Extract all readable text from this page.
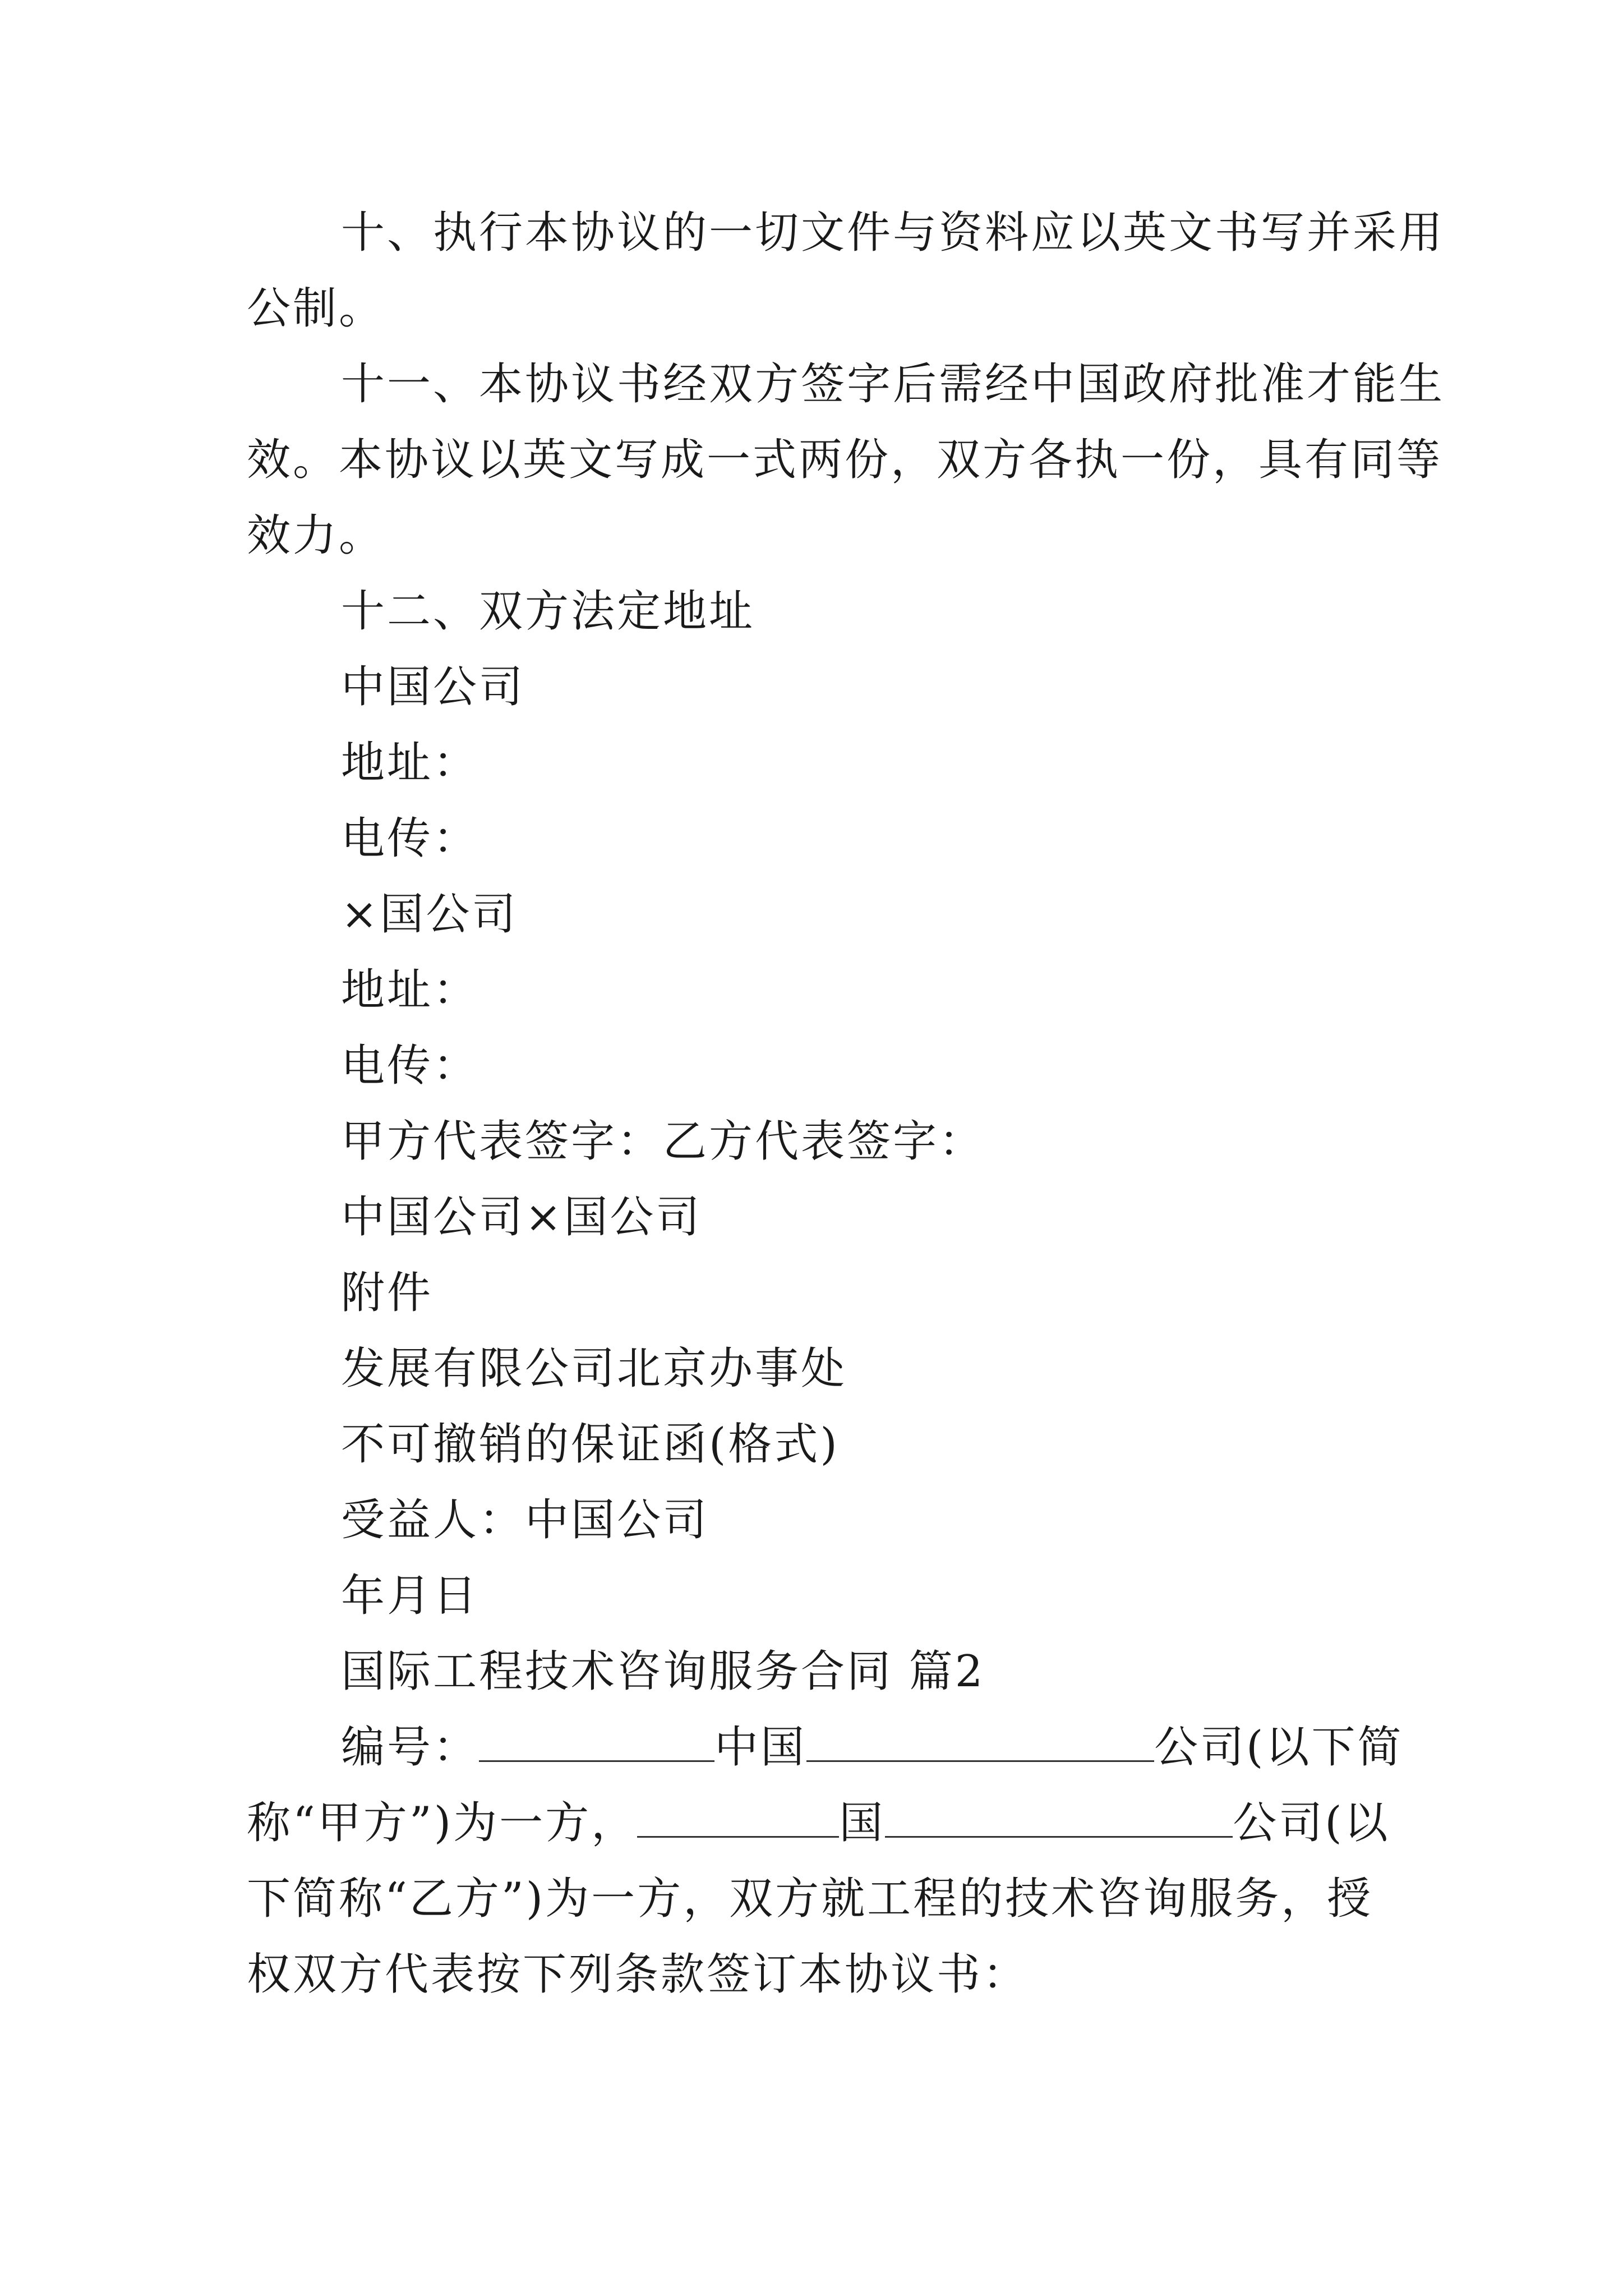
十、执行本协议的一切文件与资料应以英文书写并采用
公制。
十一、本协议书经双方签字后需经中国政府批准才能生
效。本协议以英文写成一式两份，双方各执一份，具有同等
效力。
十二、双方法定地址
中国公司
地址：
电传：
×国公司
地址：
电传：
甲方代表签字：乙方代表签字：
中国公司×国公司
附件
发展有限公司北京办事处
不可撤销的保证函(格式)
受益人：中国公司
年月日
国际工程技术咨询服务合同 篇2
编号：	中国	公司(以下简
称“甲方”)为一方，	国	公司(以
下简称“乙方”)为一方，双方就工程的技术咨询服务，授
权双方代表按下列条款签订本协议书：
